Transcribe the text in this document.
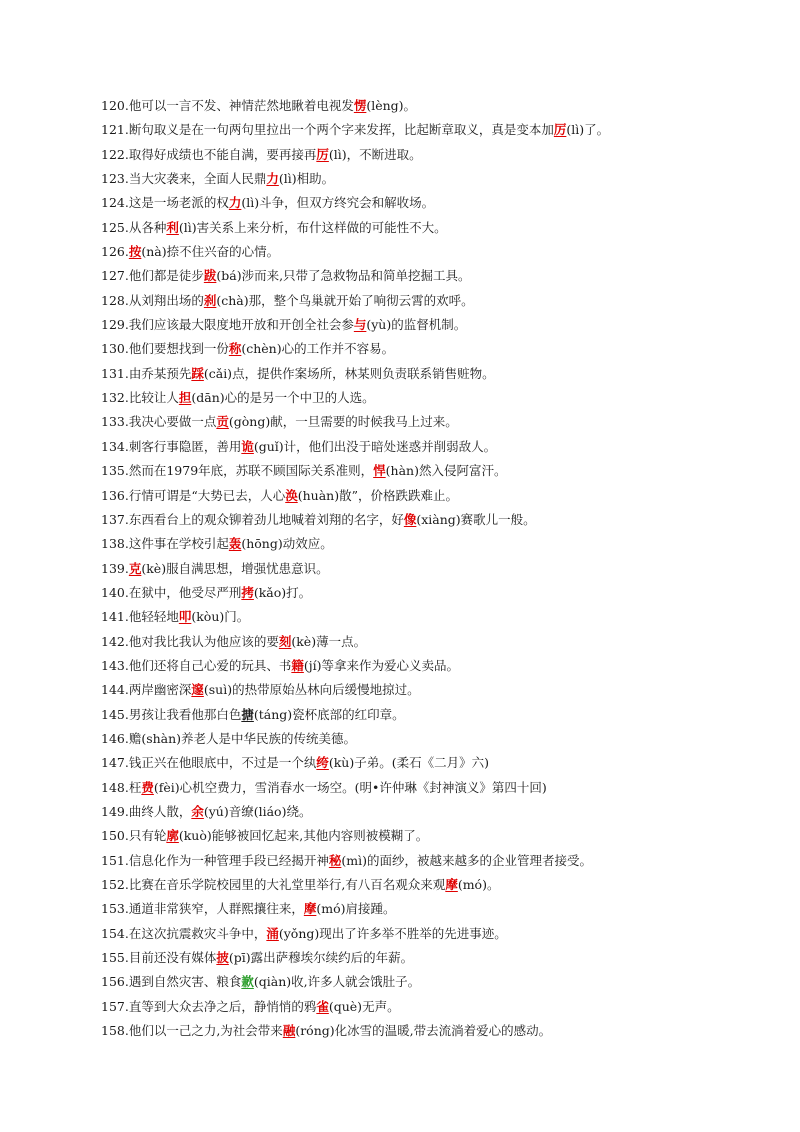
120.他可以一言不发、神情茫然地瞅着电视发愣(lèng)。
121.断句取义是在一句两句里拉出一个两个字来发挥，比起断章取义，真是变本加厉(lì)了。
122.取得好成绩也不能自满，要再接再厉(lì)，不断进取。
123.当大灾袭来，全面人民鼎力(lì)相助。
124.这是一场老派的权力(lì)斗争，但双方终究会和解收场。
125.从各种利(lì)害关系上来分析，布什这样做的可能性不大。
126.按(nà)捺不住兴奋的心情。
127.他们都是徒步跋(bá)涉而来,只带了急救物品和简单挖掘工具。
128.从刘翔出场的刹(chà)那，整个鸟巢就开始了响彻云霄的欢呼。
129.我们应该最大限度地开放和开创全社会参与(yù)的监督机制。
130.他们要想找到一份称(chèn)心的工作并不容易。
131.由乔某预先踩(cǎi)点，提供作案场所，林某则负责联系销售赃物。
132.比较让人担(dān)心的是另一个中卫的人选。
133.我决心要做一点贡(gòng)献，一旦需要的时候我马上过来。
134.刺客行事隐匿，善用诡(guǐ)计，他们出没于暗处迷惑并削弱敌人。
135.然而在1979年底，苏联不顾国际关系准则，悍(hàn)然入侵阿富汗。
136.行情可谓是“大势已去，人心涣(huàn)散”，价格跌跌难止。
137.东西看台上的观众铆着劲儿地喊着刘翔的名字，好像(xiàng)赛歌儿一般。
138.这件事在学校引起轰(hōng)动效应。
139.克(kè)服自满思想，增强忧患意识。
140.在狱中，他受尽严刑拷(kǎo)打。
141.他轻轻地叩(kòu)门。
142.他对我比我认为他应该的要刻(kè)薄一点。
143.他们还将自己心爱的玩具、书籍(jí)等拿来作为爱心义卖品。
144.两岸幽密深邃(suì)的热带原始丛林向后缓慢地掠过。
145.男孩让我看他那白色搪(táng)瓷杯底部的红印章。
146.赡(shàn)养老人是中华民族的传统美德。
147.钱正兴在他眼底中，不过是一个纨绔(kù)子弟。(柔石《二月》六)
148.枉费(fèi)心机空费力，雪消春水一场空。(明•许仲琳《封神演义》第四十回)
149.曲终人散，余(yú)音缭(liáo)绕。
150.只有轮廓(kuò)能够被回忆起来,其他内容则被模糊了。
151.信息化作为一种管理手段已经揭开神秘(mì)的面纱，被越来越多的企业管理者接受。
152.比赛在音乐学院校园里的大礼堂里举行,有八百名观众来观摩(mó)。
153.通道非常狭窄，人群熙攘往来，摩(mó)肩接踵。
154.在这次抗震救灾斗争中，涌(yǒng)现出了许多举不胜举的先进事迹。
155.目前还没有媒体披(pī)露出萨穆埃尔续约后的年薪。
156.遇到自然灾害、粮食歉(qiàn)收,许多人就会饿肚子。
157.直等到大众去净之后，静悄悄的鸦雀(què)无声。
158.他们以一己之力,为社会带来融(róng)化冰雪的温暖,带去流淌着爱心的感动。
